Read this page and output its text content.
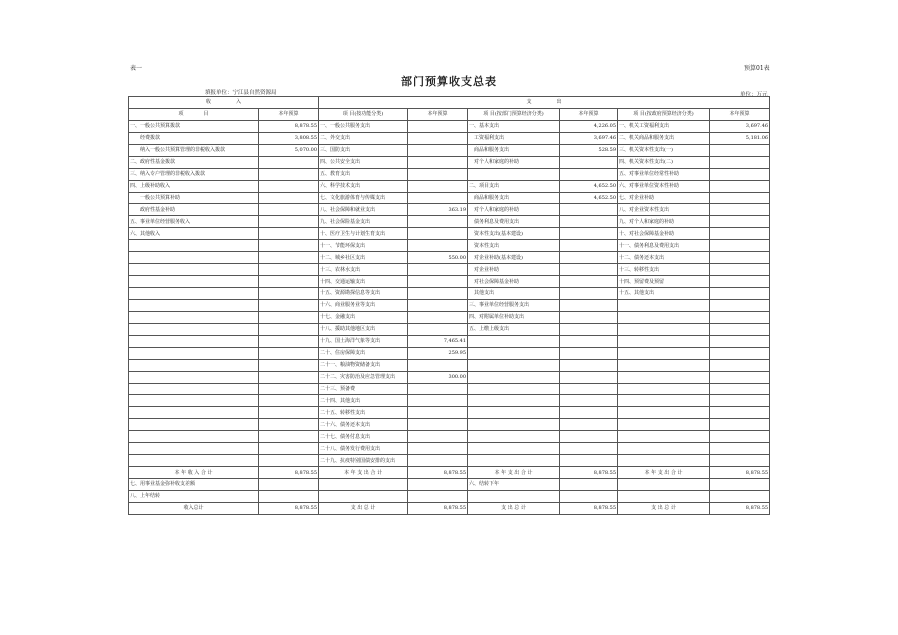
表一	预算01表
部门预算收支总表
填报单位：宁江县自然资源局	单位：万元
收　　　　　入		支　　　　　出					
项　　　　目	本年预算	项 目(按功能分类)	本年预算	项 目(按部门预算经济分类)	本年预算	项 目(按政府预算经济分类)	本年预算
一、一般公共预算拨款	8,878.55	一、一般公共服务支出		一、基本支出	4,226.05	一、机关工资福利支出	3,697.46
　　经费拨款	3,808.55	二、外交支出		　工资福利支出	3,697.46	二、机关商品和服务支出	5,181.06
　　纳入一般公共预算管理的非税收入拨款	5,070.00	三、国防支出		　商品和服务支出	528.59	三、机关资本性支出(一)	
二、政府性基金拨款		四、公共安全支出		　对个人和家庭的补助		四、机关资本性支出(二)	
三、纳入专户管理的非税收入拨款		五、教育支出				五、对事业单位经常性补助	
四、上级补助收入		六、科学技术支出		二、项目支出	4,652.50	六、对事业单位资本性补助	
　　一般公共预算补助		七、文化旅游体育与传媒支出		　商品和服务支出	4,652.50	七、对企业补助	
　　政府性基金补助		八、社会保障和就业支出	363.19	　对个人和家庭的补助		八、对企业资本性支出	
五、事业单位经营服务收入		九、社会保险基金支出		　债务利息及费用支出		九、对个人和家庭的补助	
六、其他收入		十、医疗卫生与计划生育支出		　资本性支出(基本建设)		十、对社会保障基金补助	
		十一、节能环保支出		　资本性支出		十一、债务利息及费用支出	
		十二、城乡社区支出	550.00	　对企业补助(基本建设)		十二、债务还本支出	
		十三、农林水支出		　对企业补助		十三、转移性支出	
		十四、交通运输支出		　对社会保障基金补助		十四、预留费及预留	
		十五、资源勘探信息等支出		　其他支出		十五、其他支出	
		十六、商业服务业等支出		三、事业单位经营服务支出			
		十七、金融支出		四、对附属单位补助支出			
		十八、援助其他地区支出		五、上缴上级支出			
		十九、国土海洋气象等支出	7,465.41				
		二十、住房保障支出	259.95				
		二十一、粮油物资储备支出					
		二十二、灾害防治及应急管理支出	300.00				
		二十三、预备费					
		二十四、其他支出					
		二十五、转移性支出					
		二十六、债务还本支出					
		二十七、债务付息支出					
		二十八、债务发行费用支出					
		二十九、抗疫特别国债安排的支出					
本 年 收 入 合 计	8,878.55	本 年 支 出 合 计	8,878.55	本 年 支 出 合 计	8,878.55	本 年 支 出 合 计	8,878.55
七、用事业基金弥补收支差额				六、结转下年			
八、上年结转							
收入总计	8,878.55	支 出 总 计	8,878.55	支 出 总 计	8,878.55	支 出 总 计	8,878.55
